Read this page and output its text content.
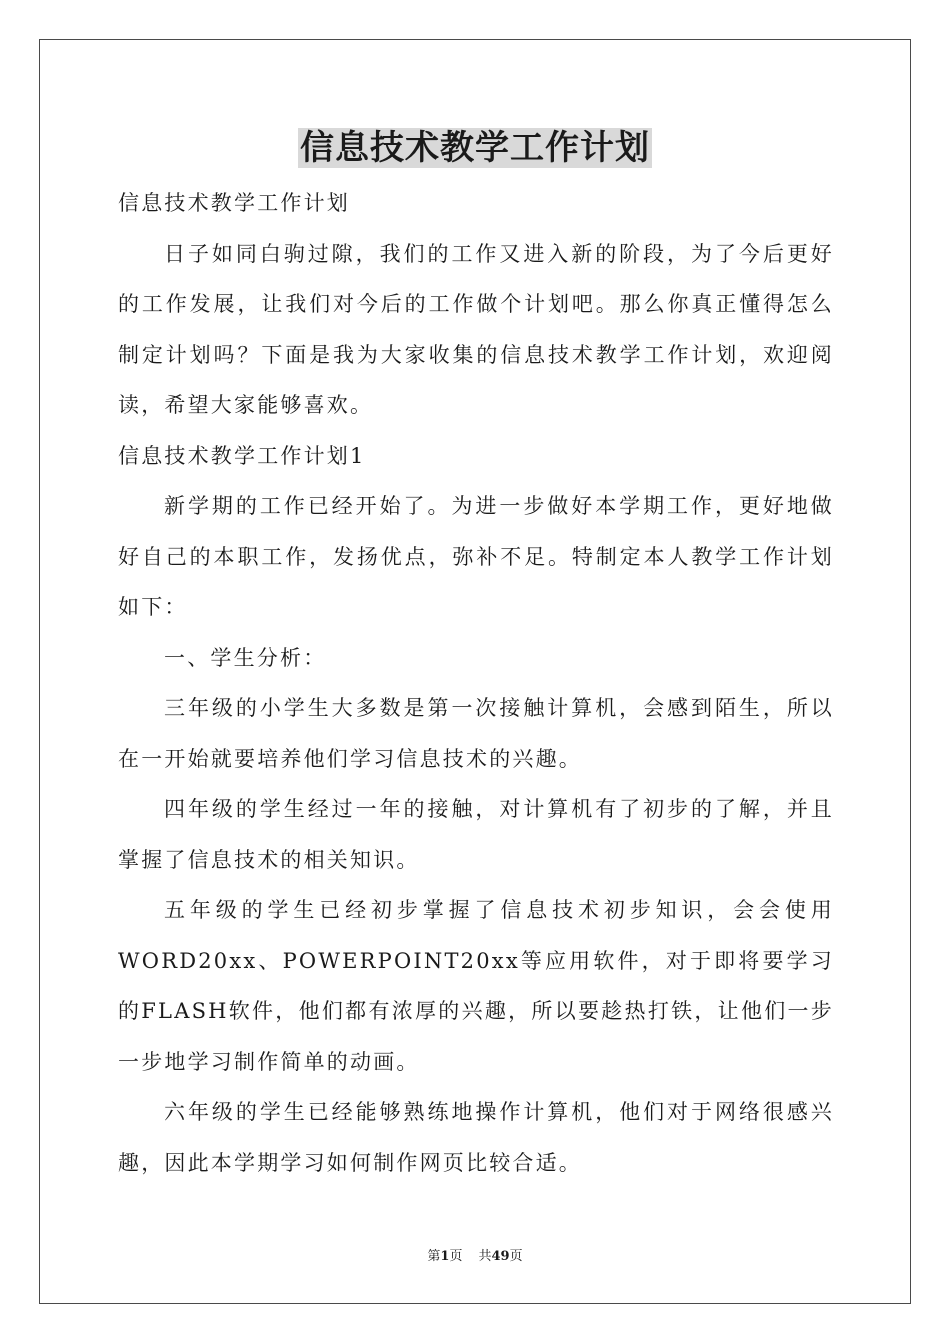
信息技术教学工作计划

信息技术教学工作计划

日子如同白驹过隙，我们的工作又进入新的阶段，为了今后更好的工作发展，让我们对今后的工作做个计划吧。那么你真正懂得怎么制定计划吗？下面是我为大家收集的信息技术教学工作计划，欢迎阅读，希望大家能够喜欢。

信息技术教学工作计划1

新学期的工作已经开始了。为进一步做好本学期工作，更好地做好自己的本职工作，发扬优点，弥补不足。特制定本人教学工作计划如下：

一、学生分析：

三年级的小学生大多数是第一次接触计算机，会感到陌生，所以在一开始就要培养他们学习信息技术的兴趣。

四年级的学生经过一年的接触，对计算机有了初步的了解，并且掌握了信息技术的相关知识。

五年级的学生已经初步掌握了信息技术初步知识，会会使用WORD20xx、POWERPOINT20xx等应用软件，对于即将要学习的FLASH软件，他们都有浓厚的兴趣，所以要趁热打铁，让他们一步一步地学习制作简单的动画。

六年级的学生已经能够熟练地操作计算机，他们对于网络很感兴趣，因此本学期学习如何制作网页比较合适。

第1页 共49页
